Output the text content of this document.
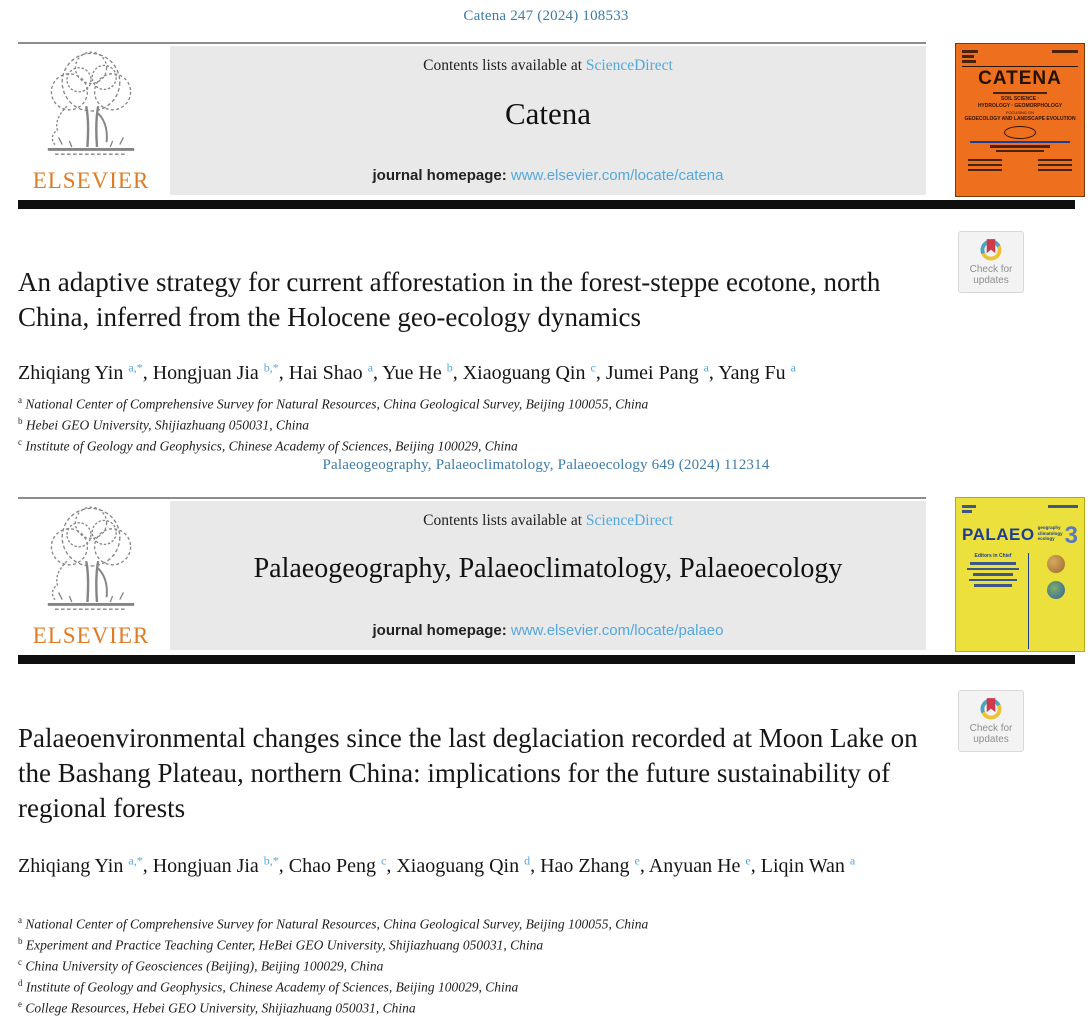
Catena 247 (2024) 108533
ELSEVIER
Contents lists available at ScienceDirect
Catena
journal homepage: www.elsevier.com/locate/catena
CATENA
SOIL SCIENCE ·
HYDROLOGY · GEOMORPHOLOGY
FOCUSING ON
GEOECOLOGY AND LANDSCAPE EVOLUTION
Check for
updates
An adaptive strategy for current afforestation in the forest-steppe ecotone, north China, inferred from the Holocene geo-ecology dynamics
Zhiqiang Yin $^{a,*}$, Hongjuan Jia $^{b,*}$, Hai Shao $^a$, Yue He $^b$, Xiaoguang Qin $^c$, Jumei Pang $^a$, Yang Fu $^a$
$^a$ National Center of Comprehensive Survey for Natural Resources, China Geological Survey, Beijing 100055, China
$^b$ Hebei GEO University, Shijiazhuang 050031, China
$^c$ Institute of Geology and Geophysics, Chinese Academy of Sciences, Beijing 100029, China
Palaeogeography, Palaeoclimatology, Palaeoecology 649 (2024) 112314
ELSEVIER
Contents lists available at ScienceDirect
Palaeogeography, Palaeoclimatology, Palaeoecology
journal homepage: www.elsevier.com/locate/palaeo
PALAEO geography
climatology
ecology 3
Editors in Chief
Check for
updates
Palaeoenvironmental changes since the last deglaciation recorded at Moon Lake on the Bashang Plateau, northern China: implications for the future sustainability of regional forests
Zhiqiang Yin $^{a,*}$, Hongjuan Jia $^{b,*}$, Chao Peng $^c$, Xiaoguang Qin $^d$, Hao Zhang $^e$, Anyuan He $^e$, Liqin Wan $^a$
$^a$ National Center of Comprehensive Survey for Natural Resources, China Geological Survey, Beijing 100055, China
$^b$ Experiment and Practice Teaching Center, HeBei GEO University, Shijiazhuang 050031, China
$^c$ China University of Geosciences (Beijing), Beijing 100029, China
$^d$ Institute of Geology and Geophysics, Chinese Academy of Sciences, Beijing 100029, China
$^e$ College Resources, Hebei GEO University, Shijiazhuang 050031, China
